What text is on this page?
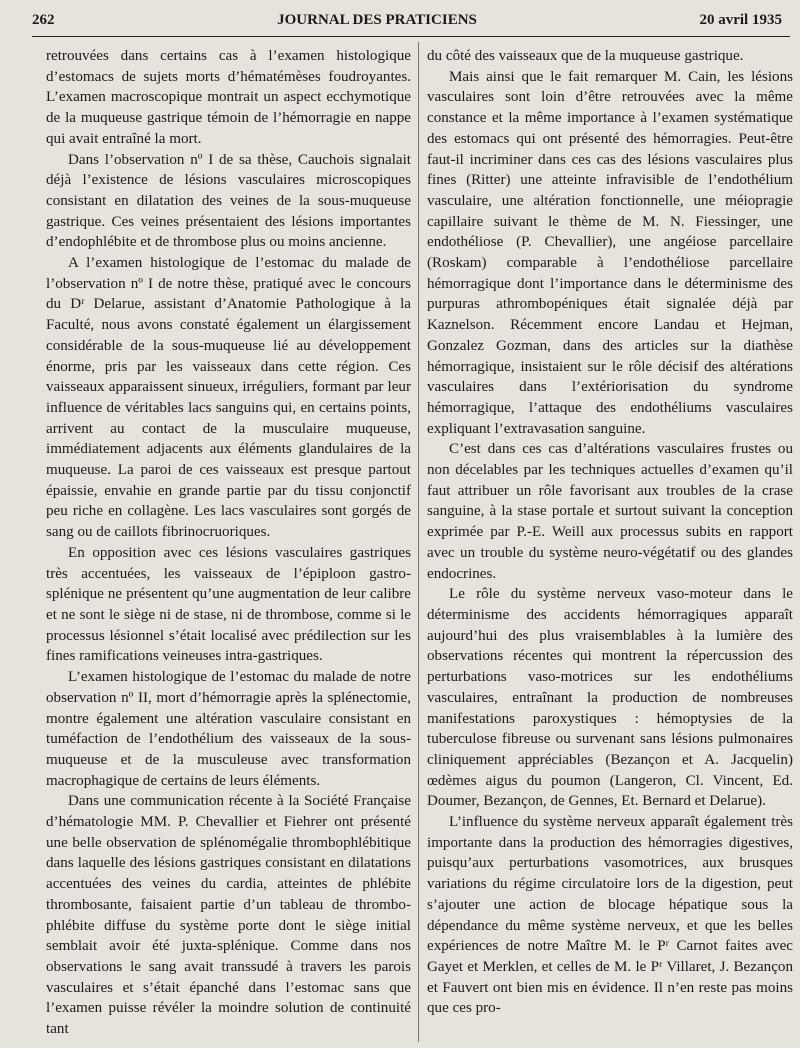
262	JOURNAL DES PRATICIENS	20 avril 1935

retrouvées dans certains cas à l’examen histologique d’estomacs de sujets morts d’hématémèses foudroyantes. L’examen macroscopique montrait un aspect ecchymotique de la muqueuse gastrique témoin de l’hémorragie en nappe qui avait entraîné la mort.

Dans l’observation nº I de sa thèse, Cauchois signalait déjà l’existence de lésions vasculaires microscopiques consistant en dilatation des veines de la sous-muqueuse gastrique. Ces veines présentaient des lésions importantes d’endophlébite et de thrombose plus ou moins ancienne.

A l’examen histologique de l’estomac du malade de l’observation nº I de notre thèse, pratiqué avec le concours du Dʳ Delarue, assistant d’Anatomie Pathologique à la Faculté, nous avons constaté également un élargissement considérable de la sous-muqueuse lié au développement énorme, pris par les vaisseaux dans cette région. Ces vaisseaux apparaissent sinueux, irréguliers, formant par leur influence de véritables lacs sanguins qui, en certains points, arrivent au contact de la musculaire muqueuse, immédiatement adjacents aux éléments glandulaires de la muqueuse. La paroi de ces vaisseaux est presque partout épaissie, envahie en grande partie par du tissu conjonctif peu riche en collagène. Les lacs vasculaires sont gorgés de sang ou de caillots fibrinocruoriques.

En opposition avec ces lésions vasculaires gastriques très accentuées, les vaisseaux de l’épiploon gastro-splénique ne présentent qu’une augmentation de leur calibre et ne sont le siège ni de stase, ni de thrombose, comme si le processus lésionnel s’était localisé avec prédilection sur les fines ramifications veineuses intra-gastriques.

L’examen histologique de l’estomac du malade de notre observation nº II, mort d’hémorragie après la splénectomie, montre également une altération vasculaire consistant en tuméfaction de l’endothélium des vaisseaux de la sous-muqueuse et de la musculeuse avec transformation macrophagique de certains de leurs éléments.

Dans une communication récente à la Société Française d’hématologie MM. P. Chevallier et Fiehrer ont présenté une belle observation de splénomégalie thrombophlébitique dans laquelle des lésions gastriques consistant en dilatations accentuées des veines du cardia, atteintes de phlébite thrombosante, faisaient partie d’un tableau de thrombo-phlébite diffuse du système porte dont le siège initial semblait avoir été juxta-splénique. Comme dans nos observations le sang avait transsudé à travers les parois vasculaires et s’était épanché dans l’estomac sans que l’examen puisse révéler la moindre solution de continuité tant

du côté des vaisseaux que de la muqueuse gastrique.

Mais ainsi que le fait remarquer M. Cain, les lésions vasculaires sont loin d’être retrouvées avec la même constance et la même importance à l’examen systématique des estomacs qui ont présenté des hémorragies. Peut-être faut-il incriminer dans ces cas des lésions vasculaires plus fines (Ritter) une atteinte infravisible de l’endothélium vasculaire, une altération fonctionnelle, une méiopragie capillaire suivant le thème de M. N. Fiessinger, une endothéliose (P. Chevallier), une angéiose parcellaire (Roskam) comparable à l’endothéliose parcellaire hémorragique dont l’importance dans le déterminisme des purpuras athrombopéniques était signalée déjà par Kaznelson. Récemment encore Landau et Hejman, Gonzalez Gozman, dans des articles sur la diathèse hémorragique, insistaient sur le rôle décisif des altérations vasculaires dans l’extériorisation du syndrome hémorragique, l’attaque des endothéliums vasculaires expliquant l’extravasation sanguine.

C’est dans ces cas d’altérations vasculaires frustes ou non décelables par les techniques actuelles d’examen qu’il faut attribuer un rôle favorisant aux troubles de la crase sanguine, à la stase portale et surtout suivant la conception exprimée par P.-E. Weill aux processus subits en rapport avec un trouble du système neuro-végétatif ou des glandes endocrines.

Le rôle du système nerveux vaso-moteur dans le déterminisme des accidents hémorragiques apparaît aujourd’hui des plus vraisemblables à la lumière des observations récentes qui montrent la répercussion des perturbations vaso-motrices sur les endothéliums vasculaires, entraînant la production de nombreuses manifestations paroxystiques : hémoptysies de la tuberculose fibreuse ou survenant sans lésions pulmonaires cliniquement appréciables (Bezançon et A. Jacquelin) œdèmes aigus du poumon (Langeron, Cl. Vincent, Ed. Doumer, Bezançon, de Gennes, Et. Bernard et Delarue).

L’influence du système nerveux apparaît également très importante dans la production des hémorragies digestives, puisqu’aux perturbations vasomotrices, aux brusques variations du régime circulatoire lors de la digestion, peut s’ajouter une action de blocage hépatique sous la dépendance du même système nerveux, et que les belles expériences de notre Maître M. le Pʳ Carnot faites avec Gayet et Merklen, et celles de M. le Pʳ Villaret, J. Bezançon et Fauvert ont bien mis en évidence. Il n’en reste pas moins que ces pro-
